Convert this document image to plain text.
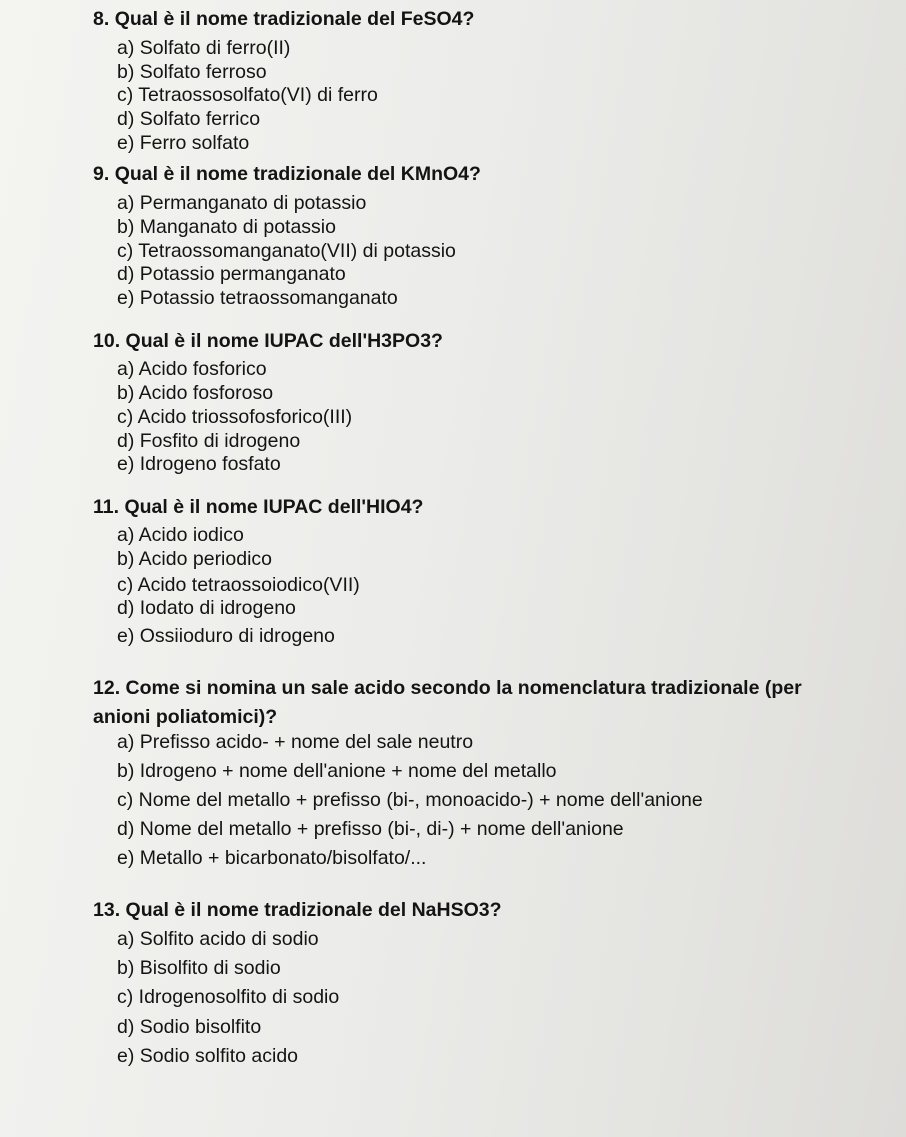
8. Qual è il nome tradizionale del FeSO4?
a) Solfato di ferro(II)
b) Solfato ferroso
c) Tetraossosolfato(VI) di ferro
d) Solfato ferrico
e) Ferro solfato
9. Qual è il nome tradizionale del KMnO4?
a) Permanganato di potassio
b) Manganato di potassio
c) Tetraossomanganato(VII) di potassio
d) Potassio permanganato
e) Potassio tetraossomanganato
10. Qual è il nome IUPAC dell'H3PO3?
a) Acido fosforico
b) Acido fosforoso
c) Acido triossofosforico(III)
d) Fosfito di idrogeno
e) Idrogeno fosfato
11. Qual è il nome IUPAC dell'HIO4?
a) Acido iodico
b) Acido periodico
c) Acido tetraossoiodico(VII)
d) Iodato di idrogeno
e) Ossiioduro di idrogeno
12. Come si nomina un sale acido secondo la nomenclatura tradizionale (per anioni poliatomici)?
a) Prefisso acido- + nome del sale neutro
b) Idrogeno + nome dell'anione + nome del metallo
c) Nome del metallo + prefisso (bi-, monoacido-) + nome dell'anione
d) Nome del metallo + prefisso (bi-, di-) + nome dell'anione
e) Metallo + bicarbonato/bisolfato/...
13. Qual è il nome tradizionale del NaHSO3?
a) Solfito acido di sodio
b) Bisolfito di sodio
c) Idrogenosolfito di sodio
d) Sodio bisolfito
e) Sodio solfito acido
